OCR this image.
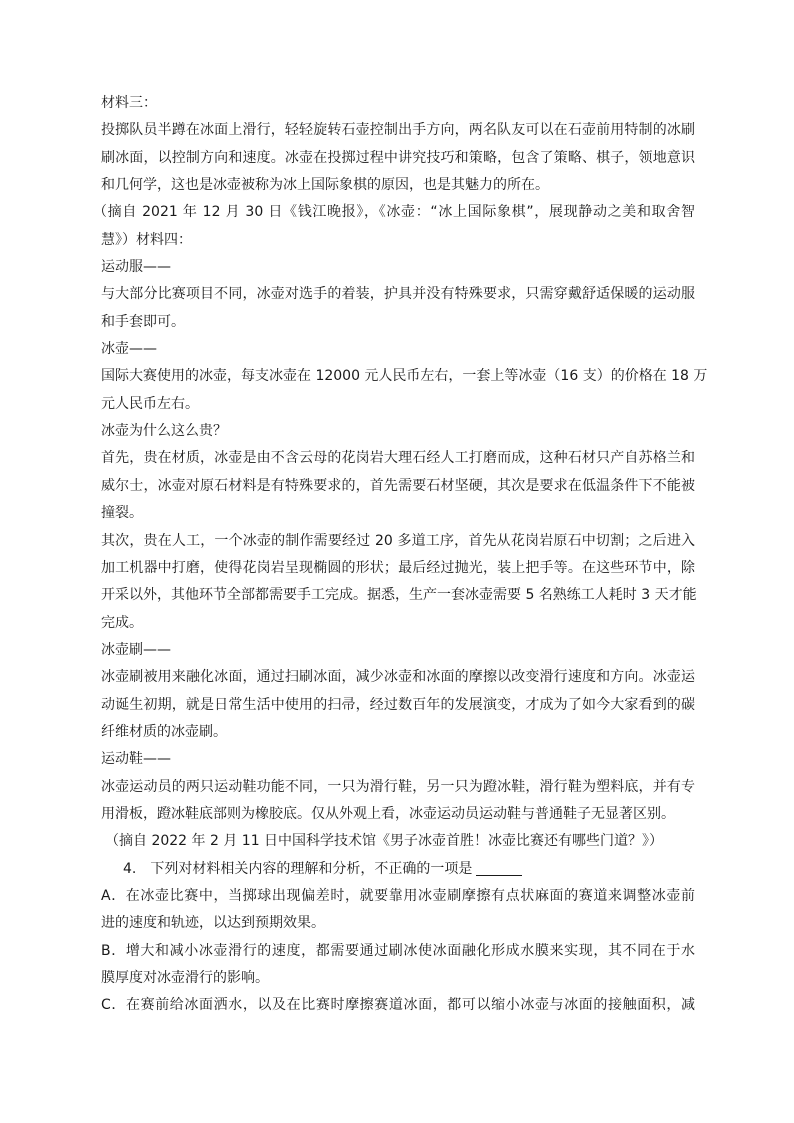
材料三：
投掷队员半蹲在冰面上滑行，轻轻旋转石壶控制出手方向，两名队友可以在石壶前用特制的冰刷
刷冰面，以控制方向和速度。冰壶在投掷过程中讲究技巧和策略，包含了策略、棋子，领地意识
和几何学，这也是冰壶被称为冰上国际象棋的原因，也是其魅力的所在。
（摘自 2021 年 12 月 30 日《钱江晚报》，《冰壶：“冰上国际象棋”，展现静动之美和取舍智
慧》）材料四：
运动服——
与大部分比赛项目不同，冰壶对选手的着装，护具并没有特殊要求，只需穿戴舒适保暖的运动服
和手套即可。
冰壶——
国际大赛使用的冰壶，每支冰壶在 12000 元人民币左右，一套上等冰壶（16 支）的价格在 18 万
元人民币左右。
冰壶为什么这么贵？
首先，贵在材质，冰壶是由不含云母的花岗岩大理石经人工打磨而成，这种石材只产自苏格兰和
威尔士，冰壶对原石材料是有特殊要求的，首先需要石材坚硬，其次是要求在低温条件下不能被
撞裂。
其次，贵在人工，一个冰壶的制作需要经过 20 多道工序，首先从花岗岩原石中切割；之后进入
加工机器中打磨，使得花岗岩呈现椭圆的形状；最后经过抛光，装上把手等。在这些环节中，除
开采以外，其他环节全部都需要手工完成。据悉，生产一套冰壶需要 5 名熟练工人耗时 3 天才能
完成。
冰壶刷——
冰壶刷被用来融化冰面，通过扫刷冰面，减少冰壶和冰面的摩擦以改变滑行速度和方向。冰壶运
动诞生初期，就是日常生活中使用的扫帚，经过数百年的发展演变，才成为了如今大家看到的碳
纤维材质的冰壶刷。
运动鞋——
冰壶运动员的两只运动鞋功能不同，一只为滑行鞋，另一只为蹬冰鞋，滑行鞋为塑料底，并有专
用滑板，蹬冰鞋底部则为橡胶底。仅从外观上看，冰壶运动员运动鞋与普通鞋子无显著区别。
（摘自 2022 年 2 月 11 日中国科学技术馆《男子冰壶首胜！冰壶比赛还有哪些门道？》）
4.　下列对材料相关内容的理解和分析，不正确的一项是
A．在冰壶比赛中，当掷球出现偏差时，就要靠用冰壶刷摩擦有点状麻面的赛道来调整冰壶前
进的速度和轨迹，以达到预期效果。
B．增大和减小冰壶滑行的速度，都需要通过刷冰使冰面融化形成水膜来实现，其不同在于水
膜厚度对冰壶滑行的影响。
C．在赛前给冰面洒水，以及在比赛时摩擦赛道冰面，都可以缩小冰壶与冰面的接触面积，减
